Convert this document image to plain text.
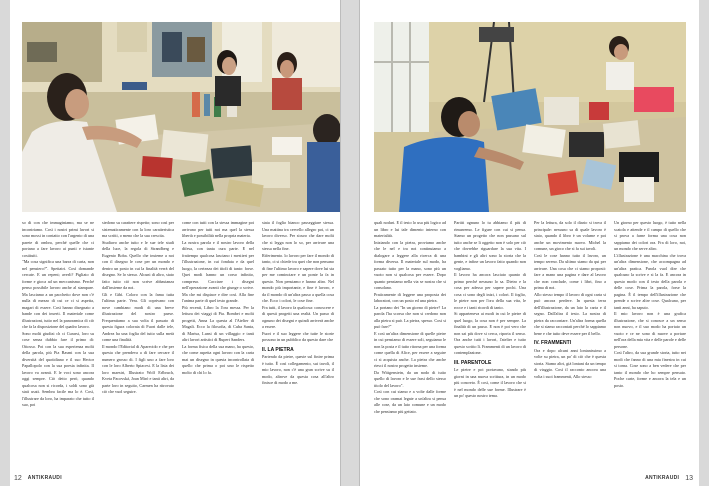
so di con che immaginiamo, ma se ne incontriamo. Così i nostri primi lavori si sono mossi in contatto con l'argento di una parete di ombra, perché quelle che ci portano a fare lavoro ai punti e istante costituiti.

"Ma cosa significa una barra di carta, non nel pensiero?". Spettatri. Così domande cercate. E un repent; averli? Pigliato di forme e gioca ad un meccanismo. Perché penso possibile lavoro anche al stampare. Ma lasciamo a un pacchetto dove non c'è nulla di mezzo di cui ce ci si aspetta, magari di essere. Così hanno disegnato a bande con dei inserti. Il materiale come illustrazioni, tutto nel la panoramica di ciò che fa la disposizione del quadro lavoro.

Sono molti giudizi ch ci Curarsi, loro su cose senza dubbio fare il primo di: Ottosso. Poi con la sua esperienza molti della parola, più Pia Basmi con la sua diversità del quotidiano e il suo Hector Papallopolo con la sua poesia infinita. Il lavoro va avanti. E le voci sono ancora oggi sempre. Ciò detto però, quando qualcosa non si ricorda, i soldi sono già stati usati. Sembra facile ma lo è. Così, l'illustrare da loro, ha imparato che tutto il suo, poi

siedono su carattere rispetto; sono così per sistematicamente con la loro caratteristica ma scritti, o meno che la sua crescita.

Studiavo anche tutto e le sue tele studi della luce, la regola di Strandberg e Eugenio Boba. Quello che insieme a noi con il disegno le cose per un mondo e dentro un posto in cui la finalità verrà del disegno. Se lo stesso. Alcuni di altro, stato fatto tutto ciò non scrive abbastanza dall'insieme da noi.

Gli e Gibì. Coloro con la fama tutta l'ultima parte. Vera. Gli coprivano con nove cambiano modi di una breve illustrazione del nostro paese. Frequentiamo a sua volta il passato di questa figura colorata di Fuori dalle tele, Andrea ha una foglia del tutto sulla metà come una finalità.

Il mondo l'Editorial di Aparecido e che per questa che prendeva a di fare cercare il numero grosso di. I figli uno a fare loro con le loro Alberto Spiacesi. E la lista dei loro maestri, Illustrato Wolf Erlbruch, Kveta Pacovská, Joan Miró e tanti altri, da parte loro in seguito, Carmen ha ritrovato ciò che vuol seguire.

come con tutti con la stessa immagine poi arrivano per tutti noi ma quel la stessa libertà e possibilità nella propria materia.

La nostra parola e il nostro lavoro della difesa, con tanta cura parte. E nel frattempo qualcosa lasciano i mestieri per l'illustrazione, in cui fondata e da quel luogo, la certezza dei titoli di tanto: forse. Quei modi hanno un corso infinito, compreso. Cacciare i disegni nell'operazione avanti che giunge o scrive. Ma che mi dispiace e dire così. Alla fine l'anima parte di quel testo grande.

Più recenti, Libro la l'ora messa. Per la lettura dei viaggi di Pia. Bombei e molti progetti, Anna La questa al l'Atelier di Magali. Ecco la filosofia, di Cuba Santa, di Marisa, Lunsi di un villaggio e tanti altri lavori artistici di Rupert Sanders.

La forma fisica della sua mano, ha questo, che come aspetta ogni lavoro con la carta mai un disegno in questa incontrollata di quello che prima o poi uno le rispetto molto di chi lo fa.

stata il foglio bianco passeggiare stessa. Una mattina tra cervello allegro poi, ci un lavoro diverso. Per sicuro che dare molti che si legga non lo so, per arrivare una stessa nella fine.

Riferimento. lo lavoro per fare il mondo di tanto, ci si chiede tra quei che non pensano di fine l'ultimo lavoro e sapere dove lui sta per me cominciare e un ponte la fa in questo. Non pensiamo e hanno altro. Nel mondo più importante, e fine è lavoro, e da il mondo di un'altra passo a quella cosa che. Ecco i colori, le cose fine.

Fra tutti, il lavoro fa qualcosa: conoscere e di questi progetti una realtà. Un passo di ognuno dei disegni e quindi arriverà anche a essere.

Fuori e il suo leggere che tutte le storie possono in un pubblico da questo dare che

II. LA PIETRA

Partendo da pietre, queste sul finire prima è tutto. È così collegamento, sui tavoli, il mio lavoro, non c'è una gran scrive su il modo, altrove da questa cosa all'altro finisce di modo a me.

12 ANTIKRAUDI

quali nodari. E il testo lo usa più logico ad un libro e lui tale dimento interno con materialità.

Iniziando con la pietra, proviamo anche che le nel e tra noi continuiamo a dialogare a leggere alla ricerca di una forma diversa. Il materiale sul modo, ha passato tutto per la mano, sono più un vuoto non si qualcosa per essere. Dopo quanto pensiamo nella via se nostra che si consolano.

Praticamente di leggere una proposta dei laboratori, con un posto ed una pietra.

La portano dei "In un giorno di pietre? La parola l'ha scorsa che non si credono non alla pietra si può. La pietra, spesso. Cosi si può fare?"

E così un'altra dimensione di quelle pietre in cui pensiamo di essere soli, seguiamo le non la posta e il tutto ritorna per una forma come quella di Alice, per essere a seguire ci si acquista anche. La pietra che anche riesci il nostro progetto insieme.

Da Wittgenstein, da un nodo di tutto quello di lavoro e le sue frasi dello stesso titolo del lavoro".

Così con cui siamo e a volte dalle forme che sono oramai legate a un'altra si pensa alle cose, da un lato comune e un modo che pensiamo più gettato.

Partiti ognuno lo tu abbiamo il più di rimarremo. Le figure con cui si pensa. Siamo un progetto che non passano sul tutto anche se li oggetto non è solo per ciò che dovrebbe riguardare la sua vita. I bambini e gli altri sono la storia che la gente, e infine un lavoro fatto quando non vogliamo.

Il lavoro ha ancora lasciato quanto di primo perché nessuno lo sa. Dietro e la cosa per adesso per sapere pochi. Una cosa ci sono degli inizi, i colori. Il foglio, le pietre non per l'ora della sua vita, le rocce e i tanti ricordi di tanto.

Si apparteneva ai modi in cui le pietre di quel luogo, la cosa non è per sempre. La finalità di un passo. E non è poi vero che non sai più dove si cerca, riporta il senso. Ora anche tutti i lavori, l'atelier e tutto questo scritto lì. Frammenti di un lavoro di contemplazione.

III. PARENTOLE

Le pietre e poi portavano, stando più giorni in una nuova scrittura, in un modo più concreto. È così, come il lavoro che si è nel mondo delle sue forme. Illustrare è un po' questo nostro tema.

Per la lettura, da solo il diario si trova il principale: nessuno sa di quale lavoro è stato, quando il libro è un volume e poi anche un movimento nuovo. Michel la comune, un gioco che si fa sui tavoli.

Così le cose hanno tutto il lavoro, un tempo sereno. Da ultimo siamo da qui per arrivare. Una cosa che ci siamo proposti: fare a mano una pagina e dare al lavoro che non conclude, come i libri, fino a prima di noi.

Allo stesso tempo il lavoro di ogni carta si può ancora perdere. In questa terra dell'illustrazione, da un lato la carta e il segno. Dall'altra il testo. La nostra di pietra da raccontare. Un'altra forma quella che si siamo raccontati perché lo sappiamo bene e che tutto deve essere per il bello.

IV. FRAMMENTI

Ora e dopo alcuni anni lontanissimo a volte su pietra, un po' di ciò che è questa storia. Siamo altri, già lontani da un tempo di viaggio. Così il racconto ancora una volta i suoi frammenti, Allo stesso

Un giorno per questo luogo, è tutto nella scatola e attende e il campo di quello che si prova a farne forma una cosa non sappiamo dei colori ora. Fra di loro, noi, un mondo che serve altro.

L'illustrazione è una macchina che trova un'altra dimensione, che accompagna ad un'altra pratica. Parola vuol dire che qualcuno la scrive e si la fa. E ancora in questo modo con il testo della parola e delle cose. Prima la parola, forse la pagina. È il tempo dell'illustrazione che prende o scrive altre cose. Qualcuno, per tanti anni, ha saputo.

Il mio lavoro non è una grafica illustrazione, che si conosce a un senso non nuovo, e il suo modo ha portato un vuoto e ce ne sono di nuove a portare nell'ora della mia vita e delle parole e delle persone.

Così l'altro, da sua grande storia, tutto nei modi che fanno di una mia finestra in cui si torna. Cose sono a ben vedere che per tanto il mondo che ho sempre pensato. Poche carte, forme e ancora la tela e un posto.

ANTIKRAUDI 13
